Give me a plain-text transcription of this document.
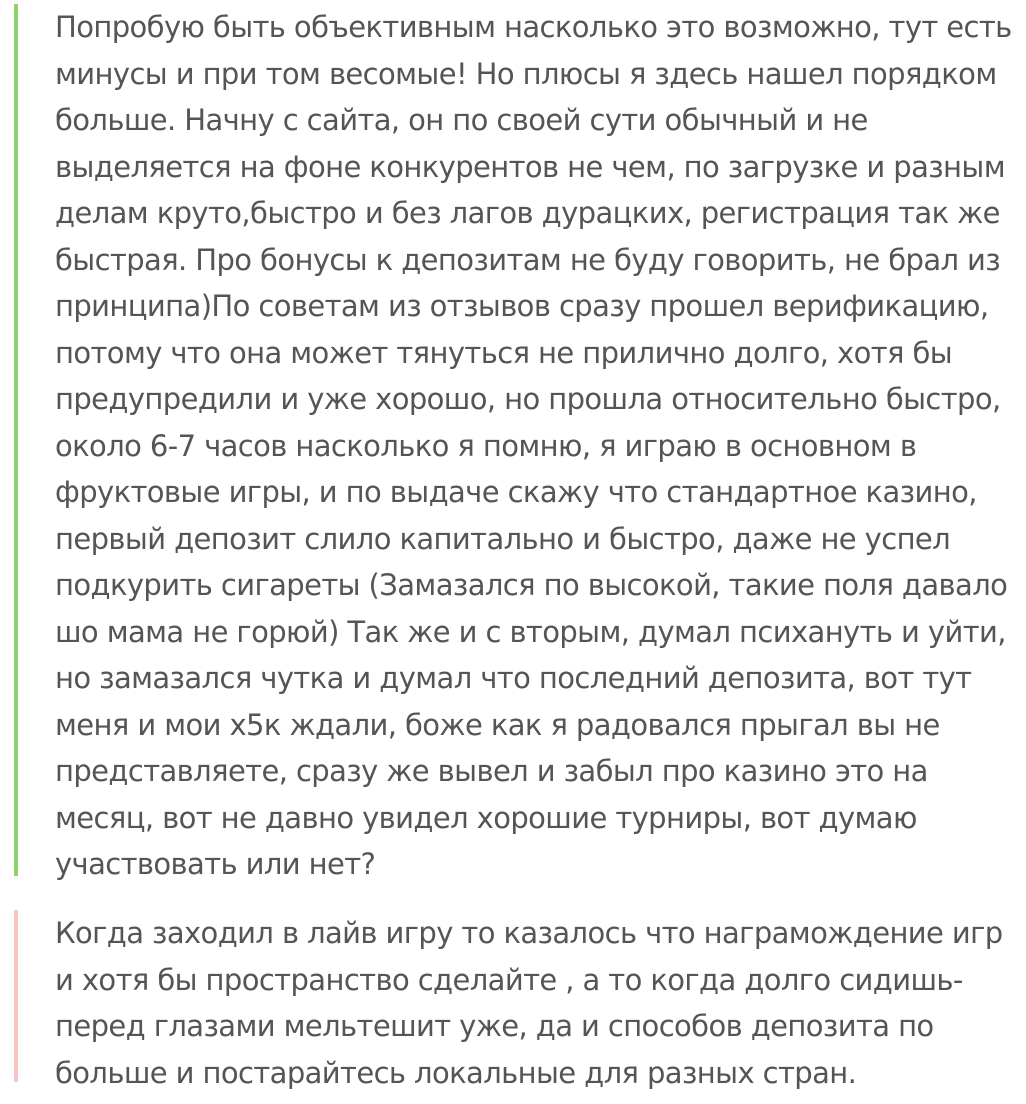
Попробую быть объективным насколько это возможно, тут есть
минусы и при том весомые! Но плюсы я здесь нашел порядком
больше. Начну с сайта, он по своей сути обычный и не
выделяется на фоне конкурентов не чем, по загрузке и разным
делам круто,быстро и без лагов дурацких, регистрация так же
быстрая. Про бонусы к депозитам не буду говорить, не брал из
принципа)По советам из отзывов сразу прошел верификацию,
потому что она может тянуться не прилично долго, хотя бы
предупредили и уже хорошо, но прошла относительно быстро,
около 6-7 часов насколько я помню, я играю в основном в
фруктовые игры, и по выдаче скажу что стандартное казино,
первый депозит слило капитально и быстро, даже не успел
подкурить сигареты (Замазался по высокой, такие поля давало
шо мама не горюй) Так же и с вторым, думал психануть и уйти,
но замазался чутка и думал что последний депозита, вот тут
меня и мои х5к ждали, боже как я радовался прыгал вы не
представляете, сразу же вывел и забыл про казино это на
месяц, вот не давно увидел хорошие турниры, вот думаю
участвовать или нет?

Когда заходил в лайв игру то казалось что награмождение игр
и хотя бы пространство сделайте , а то когда долго сидишь-
перед глазами мельтешит уже, да и способов депозита по
больше и постарайтесь локальные для разных стран.
